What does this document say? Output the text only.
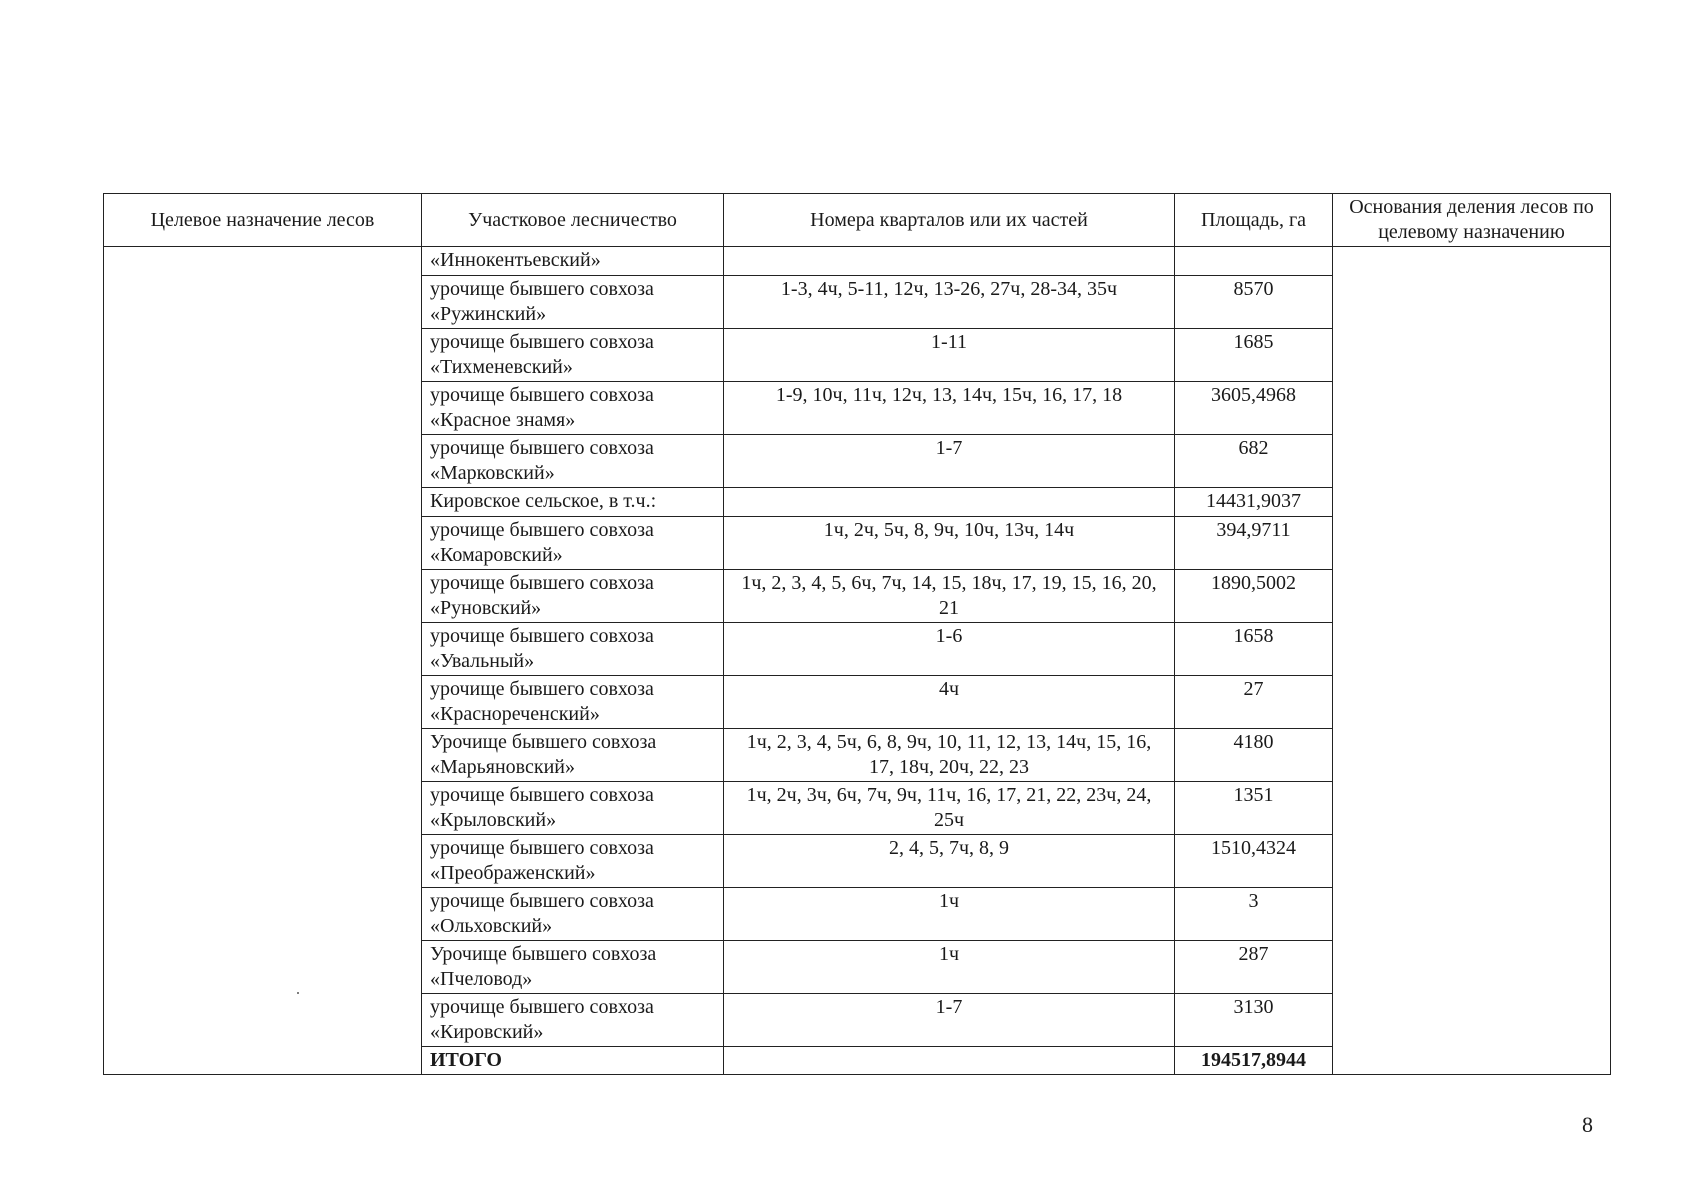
Целевое назначение лесов	Участковое лесничество	Номера кварталов или их частей	Площадь, га	Основания деления лесов по целевому назначению
	«Иннокентьевский»			
	урочище бывшего совхоза «Ружинский»	1-3, 4ч, 5-11, 12ч, 13-26, 27ч, 28-34, 35ч	8570	
	урочище бывшего совхоза «Тихменевский»	1-11	1685	
	урочище бывшего совхоза «Красное знамя»	1-9, 10ч, 11ч, 12ч, 13, 14ч, 15ч, 16, 17, 18	3605,4968	
	урочище бывшего совхоза «Марковский»	1-7	682	
	Кировское сельское, в т.ч.:		14431,9037	
	урочище бывшего совхоза «Комаровский»	1ч, 2ч, 5ч, 8, 9ч, 10ч, 13ч, 14ч	394,9711	
	урочище бывшего совхоза «Руновский»	1ч, 2, 3, 4, 5, 6ч, 7ч, 14, 15, 18ч, 17, 19, 15, 16, 20, 21	1890,5002	
	урочище бывшего совхоза «Увальный»	1-6	1658	
	урочище бывшего совхоза «Краснореченский»	4ч	27	
	Урочище бывшего совхоза «Марьяновский»	1ч, 2, 3, 4, 5ч, 6, 8, 9ч, 10, 11, 12, 13, 14ч, 15, 16, 17, 18ч, 20ч, 22, 23	4180	
	урочище бывшего совхоза «Крыловский»	1ч, 2ч, 3ч, 6ч, 7ч, 9ч, 11ч, 16, 17, 21, 22, 23ч, 24, 25ч	1351	
	урочище бывшего совхоза «Преображенский»	2, 4, 5, 7ч, 8, 9	1510,4324	
	урочище бывшего совхоза «Ольховский»	1ч	3	
	Урочище бывшего совхоза «Пчеловод»	1ч	287	
	урочище бывшего совхоза «Кировский»	1-7	3130	
	ИТОГО		194517,8944	
8
